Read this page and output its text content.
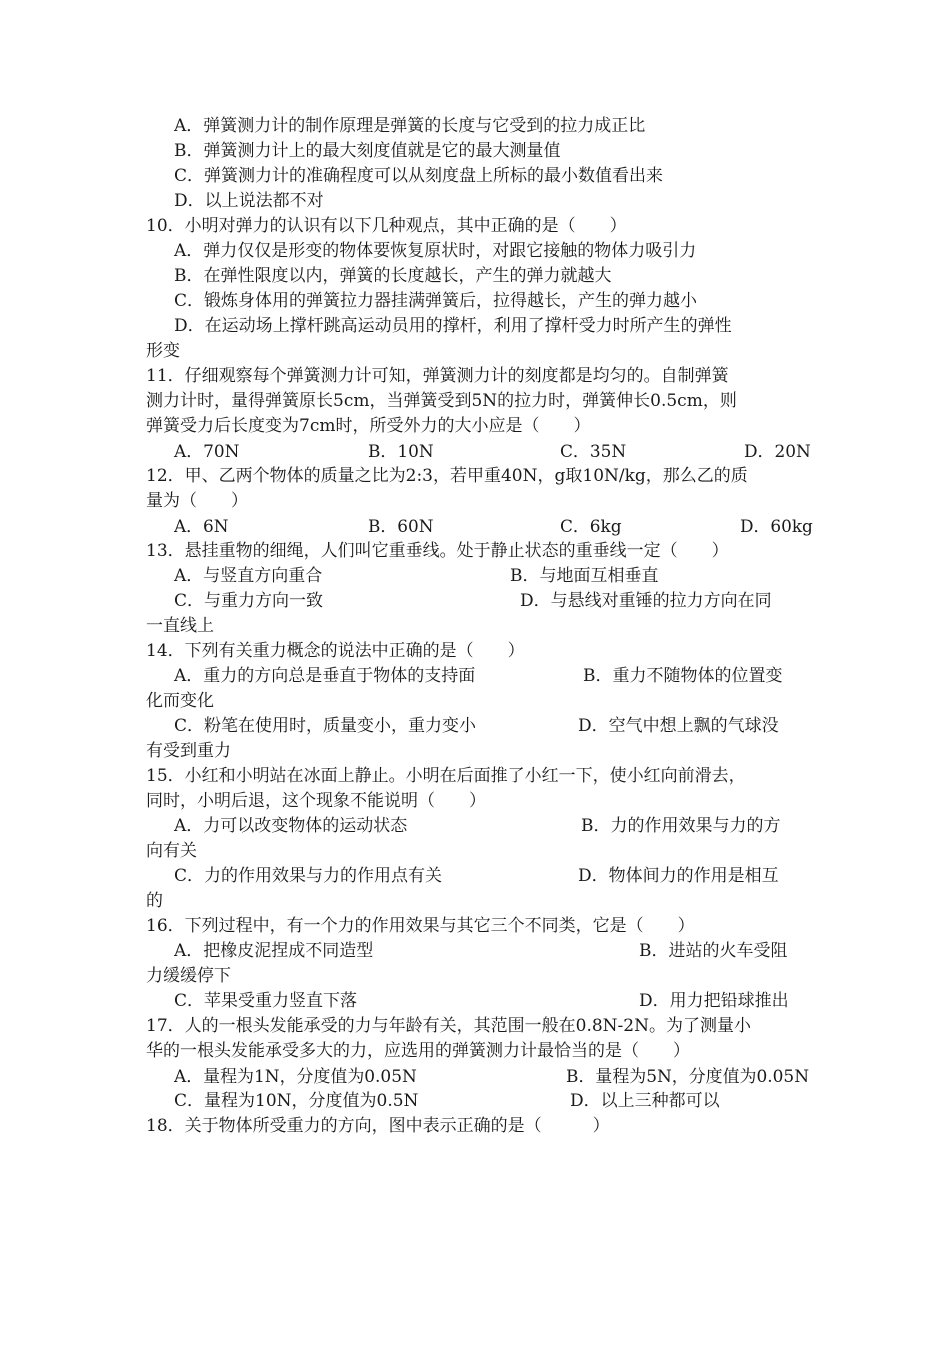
A．弹簧测力计的制作原理是弹簧的长度与它受到的拉力成正比
B．弹簧测力计上的最大刻度值就是它的最大测量值
C．弹簧测力计的准确程度可以从刻度盘上所标的最小数值看出来
D．以上说法都不对
10．小明对弹力的认识有以下几种观点，其中正确的是（　　）
A．弹力仅仅是形变的物体要恢复原状时，对跟它接触的物体力吸引力
B．在弹性限度以内，弹簧的长度越长，产生的弹力就越大
C．锻炼身体用的弹簧拉力器挂满弹簧后，拉得越长，产生的弹力越小
D．在运动场上撑杆跳高运动员用的撑杆，利用了撑杆受力时所产生的弹性
形变
11．仔细观察每个弹簧测力计可知，弹簧测力计的刻度都是均匀的。自制弹簧
测力计时，量得弹簧原长5cm，当弹簧受到5N的拉力时，弹簧伸长0.5cm，则
弹簧受力后长度变为7cm时，所受外力的大小应是（　　）
A．70N	B．10N	C．35N	D．20N
12．甲、乙两个物体的质量之比为2:3，若甲重40N，g取10N/kg，那么乙的质
量为（　　）
A．6N	B．60N	C．6kg	D．60kg
13．悬挂重物的细绳，人们叫它重垂线。处于静止状态的重垂线一定（　　）
A．与竖直方向重合	B．与地面互相垂直
C．与重力方向一致	D．与悬线对重锤的拉力方向在同
一直线上
14．下列有关重力概念的说法中正确的是（　　）
A．重力的方向总是垂直于物体的支持面	B．重力不随物体的位置变
化而变化
C．粉笔在使用时，质量变小，重力变小	D．空气中想上飘的气球没
有受到重力
15．小红和小明站在冰面上静止。小明在后面推了小红一下，使小红向前滑去，
同时，小明后退，这个现象不能说明（　　）
A．力可以改变物体的运动状态	B．力的作用效果与力的方
向有关
C．力的作用效果与力的作用点有关	D．物体间力的作用是相互
的
16．下列过程中，有一个力的作用效果与其它三个不同类，它是（　　）
A．把橡皮泥捏成不同造型	B．进站的火车受阻
力缓缓停下
C．苹果受重力竖直下落	D．用力把铅球推出
17．人的一根头发能承受的力与年龄有关，其范围一般在0.8N-2N。为了测量小
华的一根头发能承受多大的力，应选用的弹簧测力计最恰当的是（　　）
A．量程为1N，分度值为0.05N	B．量程为5N，分度值为0.05N
C．量程为10N，分度值为0.5N	D．以上三种都可以
18．关于物体所受重力的方向，图中表示正确的是（　　　）
